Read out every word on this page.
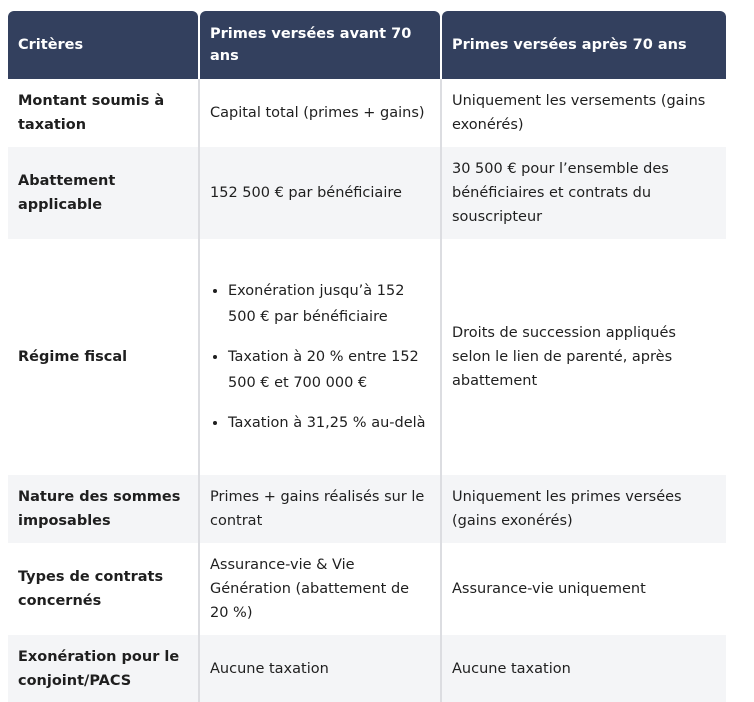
Critères
Primes versées avant 70 ans
Primes versées après 70 ans
Montant soumis à taxation
Capital total (primes + gains)
Uniquement les versements (gains exonérés)
Abattement applicable
152 500 € par bénéficiaire
30 500 € pour l’ensemble des bénéficiaires et contrats du souscripteur
Régime fiscal
• Exonération jusqu’à 152 500 € par bénéficiaire
• Taxation à 20 % entre 152 500 € et 700 000 €
• Taxation à 31,25 % au-delà
Droits de succession appliqués selon le lien de parenté, après abattement
Nature des sommes imposables
Primes + gains réalisés sur le contrat
Uniquement les primes versées (gains exonérés)
Types de contrats concernés
Assurance-vie & Vie Génération (abattement de 20 %)
Assurance-vie uniquement
Exonération pour le conjoint/PACS
Aucune taxation	Aucune taxation
